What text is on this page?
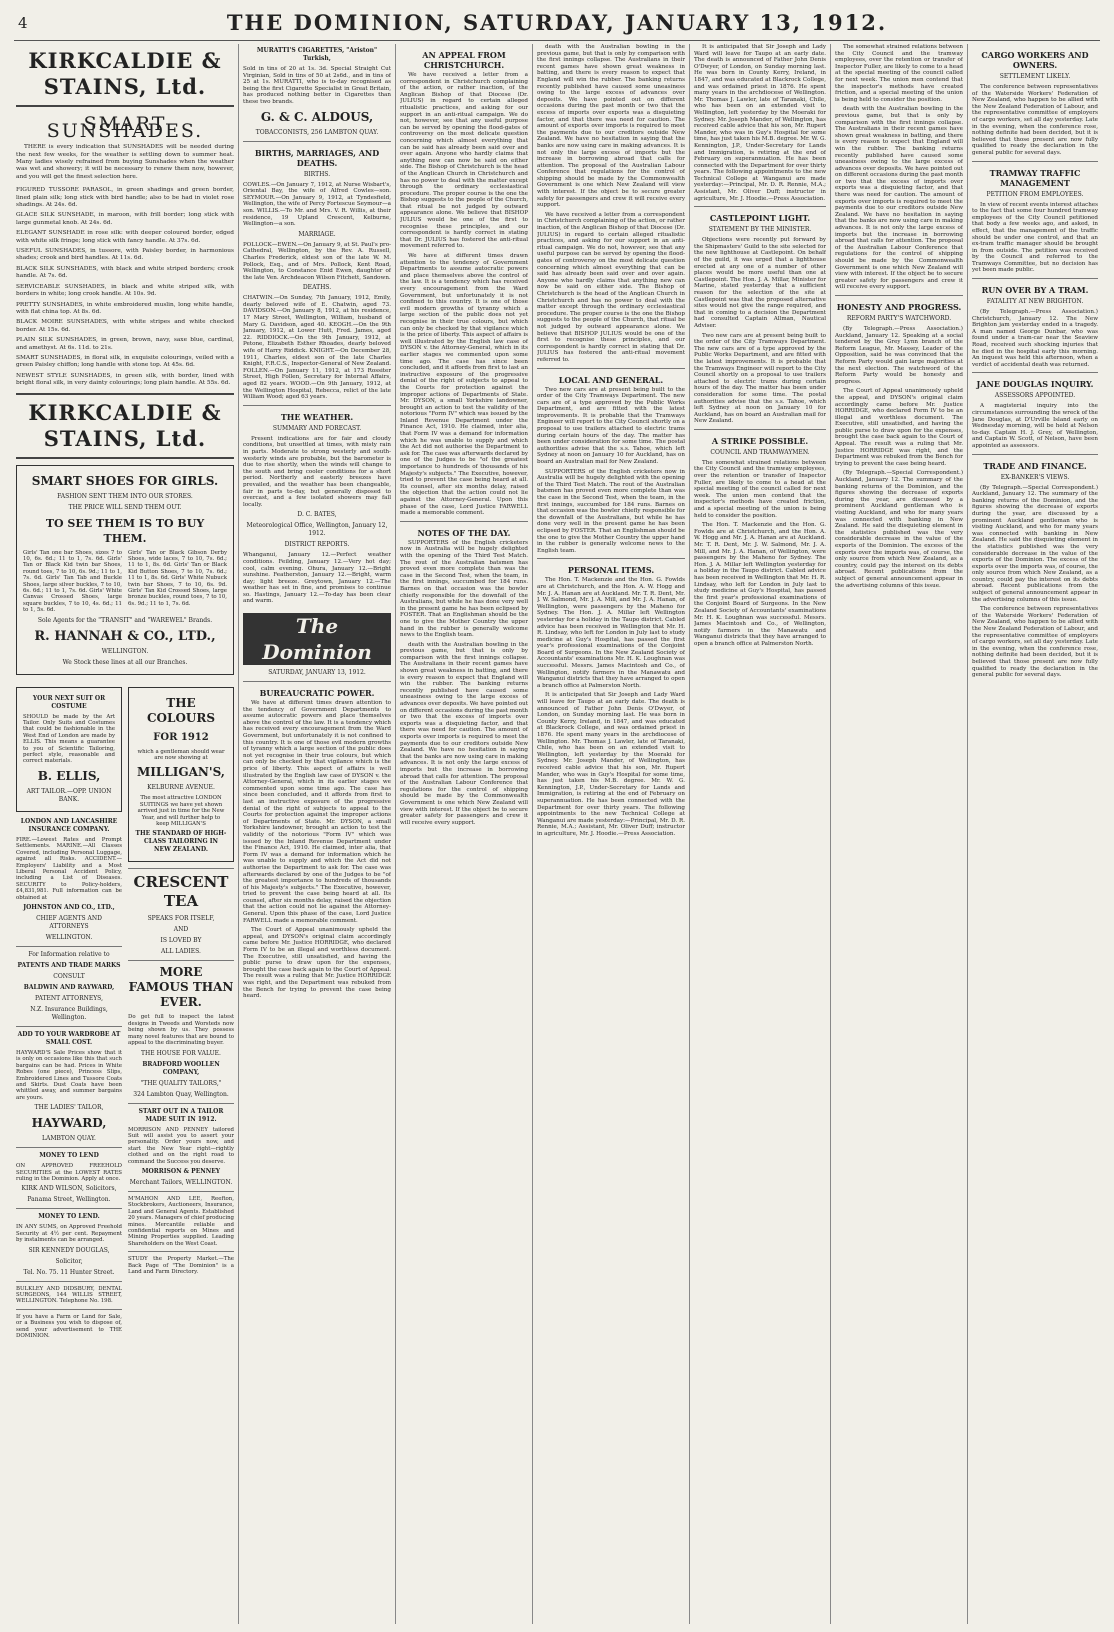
4	THE DOMINION, SATURDAY, JANUARY 13, 1912.
KIRKCALDIE & STAINS, Ltd.
SMART SUNSHADES.
THERE is every indication that SUNSHADES will be needed during the next few weeks, for the weather is settling down to summer heat. Many ladies wisely refrained from buying Sunshades when the weather was wet and showery; it will be necessary to renew them now, however, and you will get the finest selection here.
FIGURED TUSSORE PARASOL, in green shadings and green border, lined plain silk; long stick with bird handle; also to be had in violet rose shadings. At 24s. 6d.
GLACE SILK SUNSHADE, in maroon, with frill border; long stick with large gunmetal knob. At 24s. 6d.
ELEGANT SUNSHADE in rose silk: with deeper coloured border, edged with white silk fringe; long stick with fancy handle. At 37s. 6d.
USEFUL SUNSHADES, in tussore, with Paisley border, in harmonious shades; crook and bird handles. At 11s. 6d.
BLACK SILK SUNSHADES, with black and white striped borders; crook handle. At 7s. 6d.
SERVICEABLE SUNSHADES, in black and white striped silk, with borders in white; long crook handle. At 10s. 9d.
PRETTY SUNSHADES, in white embroidered muslin, long white handle, with flat china top. At 8s. 6d.
BLACK MOIRE SUNSHADES, with white stripes and white checked border. At 15s. 6d.
PLAIN SILK SUNSHADES, in green, brown, navy, saxe blue, cardinal, and amethyst. At 6s. 11d. to 21s.
SMART SUNSHADES, in floral silk, in exquisite colourings, veiled with a green Paisley chiffon; long handle with stone top. At 45s. 6d.
NEWEST STYLE SUNSHADES, in green silk, with border, lined with bright floral silk, in very dainty colourings; long plain handle. At 55s. 6d.
KIRKCALDIE & STAINS, Ltd.
SMART SHOES FOR GIRLS.
FASHION SENT THEM INTO OUR STORES.
THE PRICE WILL SEND THEM OUT.
TO SEE THEM IS TO BUY THEM.
Girls' Tan one bar Shoes, sizes 7 to 10, 6s. 6d.; 11 to 1, 7s. 6d. Girls' Tan or Black Kid twin bar Shoes, round toes, 7 to 10, 6s. 9d.; 11 to 1, 7s. 6d. Girls' Tan Tab and Buckle Shoes, large silver buckles, 7 to 10, 6s. 6d.; 11 to 1, 7s. 6d. Girls' White Canvas Crossed Shoes, large square buckles, 7 to 10, 4s. 6d.; 11 to 1, 5s. 6d.
Girls' Tan or Black Gibson Derby Shoes, wide laces, 7 to 10, 7s. 6d.; 11 to 1, 8s. 6d. Girls' Tan or Black Kid Button Shoes, 7 to 10, 7s. 6d.; 11 to 1, 8s. 6d. Girls' White Nubuck twin bar Shoes, 7 to 10, 6s. 9d. Girls' Tan Kid Crossed Shoes, large bronze buckles, round toes, 7 to 10, 6s. 9d.; 11 to 1, 7s. 6d.
Sole Agents for the "TRANSIT" and "WAREWEL" Brands.
R. HANNAH & CO., LTD.,
WELLINGTON.
We Stock these lines at all our Branches.
YOUR NEXT SUIT OR COSTUME
SHOULD be made by the Art Tailor. Only Suits and Costumes that could be fashionable in the West End of London are made by ELLIS. This means a guarantee to you of Scientific Tailoring, perfect style, reasonable and correct materials.
B. ELLIS,
ART TAILOR.—OPP. UNION BANK.
LONDON AND LANCASHIRE INSURANCE COMPANY.
FIRE.—Lowest Rates and Prompt Settlements. MARINE.—All Classes Covered, including Personal Luggage, against all Risks. ACCIDENT.—Employers' Liability and a Most Liberal Personal Accident Policy, including a List of Diseases. SECURITY to Policy-holders, £4,831,981. Full information can be obtained at
JOHNSTON AND CO., LTD.,
CHIEF AGENTS AND ATTORNEYS
WELLINGTON.
For Information relative to
PATENTS AND TRADE MARKS
CONSULT
BALDWIN AND RAYWARD,
PATENT ATTORNEYS,
N.Z. Insurance Buildings, Wellington.
ADD TO YOUR WARDROBE AT SMALL COST.
HAYWARD'S Sale Prices show that it is only on occasions like this that such bargains can be had. Prices in White Robes (one piece), Princess Slips, Embroidered Lines and Tussore Coats and Skirts. Dust Coats have been whittled away, and summer bargains are yours.
THE LADIES' TAILOR,
HAYWARD,
LAMBTON QUAY.
MONEY TO LEND
ON APPROVED FREEHOLD SECURITIES at the LOWEST RATES ruling in the Dominion. Apply at once.
KIRK AND WILSON, Solicitors,
Panama Street, Wellington.
MONEY TO LEND.
IN ANY SUMS, on Approved Freehold Security at 4½ per cent. Repayment by instalments can be arranged.
SIR KENNEDY DOUGLAS,
Solicitor,
Tel. No. 75. 11 Hunter Street.
BULKLEY AND DIDSBURY, DENTAL SURGEONS, 144 WILLIS STREET, WELLINGTON. Telephone No. 198.
If you have a Farm or Land for Sale, or a Business you wish to dispose of, send your advertisement to THE DOMINION.
THE COLOURS
FOR 1912
which a gentleman should wear are now showing at
MILLIGAN'S,
KELBURNE AVENUE.
The most attractive LONDON SUITINGS we have yet shown arrived just in time for the New Year, and will further help to keep MILLIGAN'S
THE STANDARD OF HIGH-CLASS TAILORING IN NEW ZEALAND.
CRESCENT TEA
SPEAKS FOR ITSELF,
AND
IS LOVED BY
ALL LADIES.
MORE FAMOUS THAN EVER.
Do get full to inspect the latest designs in Tweeds and Worsteds now being shown by us. They possess many novel features that are bound to appeal to the discriminating buyer.
THE HOUSE FOR VALUE.
BRADFORD WOOLLEN COMPANY,
"THE QUALITY TAILORS,"
324 Lambton Quay, Wellington.
START OUT IN A TAILOR MADE SUIT IN 1912.
MORRISON AND PENNEY tailored Suit will assist you to assert your personality. Order yours now, and start the New Year right—rightly clothed and on the right road to command the Success you deserve.
MORRISON & PENNEY
Merchant Tailors, WELLINGTON.
M'MAHON AND LEE, Reefton, Stockbrokers, Auctioneers, Insurance, Land and General Agents. Established 20 years. Managers of chief producing mines. Mercantile reliable and confidential reports on Mines and Mining Properties supplied. Leading Shareholders on the West Coast.
STUDY the Property Market.—The Back Page of "The Dominion" is a Land and Farm Directory.
MURATTI'S CIGARETTES, "Ariston" Turkish,
Sold in tins of 20 at 1s. 3d. Special Straight Cut Virginian, Sold in tins of 50 at 2s6d., and in tins of 25 at 1s. MURATTI, who is to-day recognised as being the first Cigarette Specialist in Great Britain, has produced nothing better in Cigarettes than these two brands.
G. & C. ALDOUS,
TOBACCONISTS, 256 LAMBTON QUAY.
BIRTHS, MARRIAGES, AND DEATHS.
BIRTHS.
COWLES.—On January 7, 1912, at Nurse Wisbart's, Oriental Bay, the wife of Alfred Cowles—son. SEYMOUR.—On January 9, 1912, at Tyndesfield, Wellington, the wife of Percy Fortescue Seymour—a son. WILLIS.—To Mr. and Mrs. V. R. Willis, at their residence, 19 Upland Crescent, Kelburne, Wellington—a son.
MARRIAGE.
POLLOCK—EWEN.—On January 9, at St. Paul's pro-Cathedral, Wellington, by the Rev. A. Russell, Charles Frederick, eldest son of the late W. M. Pollock, Esq., and of Mrs. Pollock, Kent Road, Wellington, to Constance Enid Ewen, daughter of the late Ven. Archdeacon Wilson Fitchett, Sandown.
DEATHS.
CHATWIN.—On Sunday, 7th January, 1912, Emily, dearly beloved wife of E. Chatwin, aged 73. DAVIDSON.—On January 8, 1912, at his residence, 17 Mary Street, Wellington, William, husband of Mary G. Davidson, aged 40. KEOGH.—On the 9th January, 1912, at Lower Hutt, Fred. James, aged 22. RIDDIOCK.—On the 9th January, 1912, at Petone, Elizabeth Esther Rhoades, dearly beloved wife of Harry Riddick. KNIGHT.—On December 28, 1911, Charles, eldest son of the late Charles Knight, F.R.C.S., Inspector-General of New Zealand. FOLLEN.—On January 11, 1912, at 173 Rossiter Street, High Follen, Secretary for Internal Affairs, aged 82 years. WOOD.—On 9th January, 1912, at the Wellington Hospital, Rebecca, relict of the late William Wood; aged 63 years.
THE WEATHER.
SUMMARY AND FORECAST.
Present indications are for fair and cloudy conditions, but unsettled at times, with misty rain in parts. Moderate to strong westerly and south-westerly winds are probable, but the barometer is due to rise shortly, when the winds will change to the south and bring cooler conditions for a short period. Northerly and easterly breezes have prevailed, and the weather has been changeable, fair in parts to-day, but generally disposed to overcast, and a few isolated showers may fall locally.
D. C. BATES,
Meteorological Office, Wellington, January 12, 1912.
DISTRICT REPORTS.
Whanganui, January 12.—Perfect weather conditions. Feilding, January 12.—Very hot day; cool, calm evening. Ohura, January 12.—Bright sunshine. Featherston, January 12.—Bright, warm day; light breeze. Greytown, January 12.—The weather has set in fine, and promises to continue so. Hastings, January 12.—To-day has been clear and warm.
The Dominion
SATURDAY, JANUARY 13, 1912.
BUREAUCRATIC POWER.
We have at different times drawn attention to the tendency of Government Departments to assume autocratic powers and place themselves above the control of the law. It is a tendency which has received every encouragement from the Ward Government, but unfortunately it is not confined to this country. It is one of those evil modern growths of tyranny which a large section of the public does not yet recognise in their true colours, but which can only be checked by that vigilance which is the price of liberty. This aspect of affairs is well illustrated by the English law case of DYSON v. the Attorney-General, which in its earlier stages we commented upon some time ago. The case has since been concluded, and it affords from first to last an instructive exposure of the progressive denial of the right of subjects to appeal to the Courts for protection against the improper actions of Departments of State. Mr. DYSON, a small Yorkshire landowner, brought an action to test the validity of the notorious "Form IV" which was issued by the Inland Revenue Department under the Finance Act, 1910. He claimed, inter alia, that Form IV was a demand for information which he was unable to supply and which the Act did not authorise the Department to ask for. The case was afterwards declared by one of the Judges to be "of the greatest importance to hundreds of thousands of his Majesty's subjects." The Executive, however, tried to prevent the case being heard at all. Its counsel, after six months delay, raised the objection that the action could not lie against the Attorney-General. Upon this phase of the case, Lord Justice FARWELL made a memorable comment.
The Court of Appeal unanimously upheld the appeal, and DYSON's original claim accordingly came before Mr. Justice HORRIDGE, who declared Form IV to be an illegal and worthless document. The Executive, still unsatisfied, and having the public purse to draw upon for the expenses, brought the case back again to the Court of Appeal. The result was a ruling that Mr. Justice HORRIDGE was right, and the Department was rebuked from the Bench for trying to prevent the case being heard.
AN APPEAL FROM CHRISTCHURCH.
We have received a letter from a correspondent in Christchurch complaining of the action, or rather inaction, of the Anglican Bishop of that Diocese (Dr. JULIUS) in regard to certain alleged ritualistic practices, and asking for our support in an anti-ritual campaign. We do not, however, see that any useful purpose can be served by opening the flood-gates of controversy on the most delicate question concerning which almost everything that can be said has already been said over and over again. Anyone who hardly claims that anything new can now be said on either side. The Bishop of Christchurch is the head of the Anglican Church in Christchurch and has no power to deal with the matter except through the ordinary ecclesiastical procedure. The proper course is the one the Bishop suggests to the people of the Church, that ritual be not judged by outward appearance alone. We believe that BISHOP JULIUS would be one of the first to recognise these principles, and our correspondent is hardly correct in stating that Dr. JULIUS has fostered the anti-ritual movement referred to.
We have at different times drawn attention to the tendency of Government Departments to assume autocratic powers and place themselves above the control of the law. It is a tendency which has received every encouragement from the Ward Government, but unfortunately it is not confined to this country. It is one of those evil modern growths of tyranny which a large section of the public does not yet recognise in their true colours, but which can only be checked by that vigilance which is the price of liberty. This aspect of affairs is well illustrated by the English law case of DYSON v. the Attorney-General, which in its earlier stages we commented upon some time ago. The case has since been concluded, and it affords from first to last an instructive exposure of the progressive denial of the right of subjects to appeal to the Courts for protection against the improper actions of Departments of State. Mr. DYSON, a small Yorkshire landowner, brought an action to test the validity of the notorious "Form IV" which was issued by the Inland Revenue Department under the Finance Act, 1910. He claimed, inter alia, that Form IV was a demand for information which he was unable to supply and which the Act did not authorise the Department to ask for. The case was afterwards declared by one of the Judges to be "of the greatest importance to hundreds of thousands of his Majesty's subjects." The Executive, however, tried to prevent the case being heard at all. Its counsel, after six months delay, raised the objection that the action could not lie against the Attorney-General. Upon this phase of the case, Lord Justice FARWELL made a memorable comment.
NOTES OF THE DAY.
SUPPORTERS of the English cricketers now in Australia will be hugely delighted with the opening of the Third Test Match. The rout of the Australian batsmen has proved even more complete than was the case in the Second Test, when the team, in the first innings, succumbed for 184 runs. Barnes on that occasion was the bowler chiefly responsible for the downfall of the Australians, but while he has done very well in the present game he has been eclipsed by FOSTER. That an Englishman should be the one to give the Mother Country the upper hand in the rubber is generally welcome news to the English team.
death with the Australian bowling in the previous game, but that is only by comparison with the first innings collapse. The Australians in their recent games have shown great weakness in batting, and there is every reason to expect that England will win the rubber. The banking returns recently published have caused some uneasiness owing to the large excess of advances over deposits. We have pointed out on different occasions during the past month or two that the excess of imports over exports was a disquieting factor, and that there was need for caution. The amount of exports over imports is required to meet the payments due to our creditors outside New Zealand. We have no hesitation in saying that the banks are now using care in making advances. It is not only the large excess of imports but the increase in borrowing abroad that calls for attention. The proposal of the Australian Labour Conference that regulations for the control of shipping should be made by the Commonwealth Government is one which New Zealand will view with interest. If the object be to secure greater safety for passengers and crew it will receive every support.
death with the Australian bowling in the previous game, but that is only by comparison with the first innings collapse. The Australians in their recent games have shown great weakness in batting, and there is every reason to expect that England will win the rubber. The banking returns recently published have caused some uneasiness owing to the large excess of advances over deposits. We have pointed out on different occasions during the past month or two that the excess of imports over exports was a disquieting factor, and that there was need for caution. The amount of exports over imports is required to meet the payments due to our creditors outside New Zealand. We have no hesitation in saying that the banks are now using care in making advances. It is not only the large excess of imports but the increase in borrowing abroad that calls for attention. The proposal of the Australian Labour Conference that regulations for the control of shipping should be made by the Commonwealth Government is one which New Zealand will view with interest. If the object be to secure greater safety for passengers and crew it will receive every support.
We have received a letter from a correspondent in Christchurch complaining of the action, or rather inaction, of the Anglican Bishop of that Diocese (Dr. JULIUS) in regard to certain alleged ritualistic practices, and asking for our support in an anti-ritual campaign. We do not, however, see that any useful purpose can be served by opening the flood-gates of controversy on the most delicate question concerning which almost everything that can be said has already been said over and over again. Anyone who hardly claims that anything new can now be said on either side. The Bishop of Christchurch is the head of the Anglican Church in Christchurch and has no power to deal with the matter except through the ordinary ecclesiastical procedure. The proper course is the one the Bishop suggests to the people of the Church, that ritual be not judged by outward appearance alone. We believe that BISHOP JULIUS would be one of the first to recognise these principles, and our correspondent is hardly correct in stating that Dr. JULIUS has fostered the anti-ritual movement referred to.
LOCAL AND GENERAL.
Two new cars are at present being built to the order of the City Tramways Department. The new cars are of a type approved by the Public Works Department, and are fitted with the latest improvements. It is probable that the Tramways Engineer will report to the City Council shortly on a proposal to use trailers attached to electric trams during certain hours of the day. The matter has been under consideration for some time. The postal authorities advise that the s.s. Tahoe, which left Sydney at noon on January 10 for Auckland, has on board an Australian mail for New Zealand.
SUPPORTERS of the English cricketers now in Australia will be hugely delighted with the opening of the Third Test Match. The rout of the Australian batsmen has proved even more complete than was the case in the Second Test, when the team, in the first innings, succumbed for 184 runs. Barnes on that occasion was the bowler chiefly responsible for the downfall of the Australians, but while he has done very well in the present game he has been eclipsed by FOSTER. That an Englishman should be the one to give the Mother Country the upper hand in the rubber is generally welcome news to the English team.
PERSONAL ITEMS.
The Hon. T. Mackenzie and the Hon. G. Fowlds are at Christchurch, and the Hon. A. W. Hogg and Mr. J. A. Hanan are at Auckland. Mr. T. R. Dent, Mr. J. W. Salmond, Mr. J. A. Mill, and Mr. J. A. Hanan, of Wellington, were passengers by the Maheno for Sydney. The Hon. J. A. Millar left Wellington yesterday for a holiday in the Taupo district. Cabled advice has been received in Wellington that Mr. H. R. Lindsay, who left for London in July last to study medicine at Guy's Hospital, has passed the first year's professional examinations of the Conjoint Board of Surgeons. In the New Zealand Society of Accountants' examinations Mr. H. K. Loughnan was successful. Messrs. James Macintosh and Co., of Wellington, notify farmers in the Manawatu and Wanganui districts that they have arranged to open a branch office at Palmerston North.
It is anticipated that Sir Joseph and Lady Ward will leave for Taupo at an early date. The death is announced of Father John Denis O'Dwyer, of London, on Sunday morning last. He was born in County Kerry, Ireland, in 1847, and was educated at Blackrock College, and was ordained priest in 1876. He spent many years in the archdiocese of Wellington. Mr. Thomas J. Lawler, late of Taranaki, Chile, who has been on an extended visit to Wellington, left yesterday by the Moeraki for Sydney. Mr. Joseph Mander, of Wellington, has received cable advice that his son, Mr. Rupert Mander, who was in Guy's Hospital for some time, has just taken his M.B. degree. Mr. W. G. Kennington, J.P., Under-Secretary for Lands and Immigration, is retiring at the end of February on superannuation. He has been connected with the Department for over thirty years. The following appointments to the new Technical College at Wanganui are made yesterday:—Principal, Mr. D. R. Rennie, M.A.; Assistant, Mr. Oliver Duff; instructor in agriculture, Mr. J. Hoodie.—Press Association.
It is anticipated that Sir Joseph and Lady Ward will leave for Taupo at an early date. The death is announced of Father John Denis O'Dwyer, of London, on Sunday morning last. He was born in County Kerry, Ireland, in 1847, and was educated at Blackrock College, and was ordained priest in 1876. He spent many years in the archdiocese of Wellington. Mr. Thomas J. Lawler, late of Taranaki, Chile, who has been on an extended visit to Wellington, left yesterday by the Moeraki for Sydney. Mr. Joseph Mander, of Wellington, has received cable advice that his son, Mr. Rupert Mander, who was in Guy's Hospital for some time, has just taken his M.B. degree. Mr. W. G. Kennington, J.P., Under-Secretary for Lands and Immigration, is retiring at the end of February on superannuation. He has been connected with the Department for over thirty years. The following appointments to the new Technical College at Wanganui are made yesterday:—Principal, Mr. D. R. Rennie, M.A.; Assistant, Mr. Oliver Duff; instructor in agriculture, Mr. J. Hoodie.—Press Association.
CASTLEPOINT LIGHT.
STATEMENT BY THE MINISTER.
Objections were recently put forward by the Shipmasters' Guild to the site selected for the new lighthouse at Castlepoint. On behalf of the guild, it was urged that a lighthouse erected at any one of a number of other places would be more useful than one at Castlepoint. The Hon. J. A. Millar, Minister for Marine, stated yesterday that a sufficient reason for the selection of the site at Castlepoint was that the proposed alternative sites would not give the range required, and that in coming to a decision the Department had consulted Captain Allman, Nautical Adviser.
Two new cars are at present being built to the order of the City Tramways Department. The new cars are of a type approved by the Public Works Department, and are fitted with the latest improvements. It is probable that the Tramways Engineer will report to the City Council shortly on a proposal to use trailers attached to electric trams during certain hours of the day. The matter has been under consideration for some time. The postal authorities advise that the s.s. Tahoe, which left Sydney at noon on January 10 for Auckland, has on board an Australian mail for New Zealand.
A STRIKE POSSIBLE.
COUNCIL AND TRAMWAYMEN.
The somewhat strained relations between the City Council and the tramway employees, over the retention or transfer of Inspector Fuller, are likely to come to a head at the special meeting of the council called for next week. The union men contend that the inspector's methods have created friction, and a special meeting of the union is being held to consider the position.
The Hon. T. Mackenzie and the Hon. G. Fowlds are at Christchurch, and the Hon. A. W. Hogg and Mr. J. A. Hanan are at Auckland. Mr. T. R. Dent, Mr. J. W. Salmond, Mr. J. A. Mill, and Mr. J. A. Hanan, of Wellington, were passengers by the Maheno for Sydney. The Hon. J. A. Millar left Wellington yesterday for a holiday in the Taupo district. Cabled advice has been received in Wellington that Mr. H. R. Lindsay, who left for London in July last to study medicine at Guy's Hospital, has passed the first year's professional examinations of the Conjoint Board of Surgeons. In the New Zealand Society of Accountants' examinations Mr. H. K. Loughnan was successful. Messrs. James Macintosh and Co., of Wellington, notify farmers in the Manawatu and Wanganui districts that they have arranged to open a branch office at Palmerston North.
The somewhat strained relations between the City Council and the tramway employees, over the retention or transfer of Inspector Fuller, are likely to come to a head at the special meeting of the council called for next week. The union men contend that the inspector's methods have created friction, and a special meeting of the union is being held to consider the position.
death with the Australian bowling in the previous game, but that is only by comparison with the first innings collapse. The Australians in their recent games have shown great weakness in batting, and there is every reason to expect that England will win the rubber. The banking returns recently published have caused some uneasiness owing to the large excess of advances over deposits. We have pointed out on different occasions during the past month or two that the excess of imports over exports was a disquieting factor, and that there was need for caution. The amount of exports over imports is required to meet the payments due to our creditors outside New Zealand. We have no hesitation in saying that the banks are now using care in making advances. It is not only the large excess of imports but the increase in borrowing abroad that calls for attention. The proposal of the Australian Labour Conference that regulations for the control of shipping should be made by the Commonwealth Government is one which New Zealand will view with interest. If the object be to secure greater safety for passengers and crew it will receive every support.
HONESTY AND PROGRESS.
REFORM PARTY'S WATCHWORD.
(By Telegraph.—Press Association.) Auckland, January 12. Speaking at a social tendered by the Grey Lynn branch of the Reform League, Mr. Massey, Leader of the Opposition, said he was convinced that the Reform Party would gain large majorities at the next election. The watchword of the Reform Party would be honesty and progress.
The Court of Appeal unanimously upheld the appeal, and DYSON's original claim accordingly came before Mr. Justice HORRIDGE, who declared Form IV to be an illegal and worthless document. The Executive, still unsatisfied, and having the public purse to draw upon for the expenses, brought the case back again to the Court of Appeal. The result was a ruling that Mr. Justice HORRIDGE was right, and the Department was rebuked from the Bench for trying to prevent the case being heard.
(By Telegraph.—Special Correspondent.) Auckland, January 12. The summary of the banking returns of the Dominion, and the figures showing the decrease of exports during the year, are discussed by a prominent Auckland gentleman who is visiting Auckland, and who for many years was connected with banking in New Zealand. He said the disquieting element in the statistics published was the very considerable decrease in the value of the exports of the Dominion. The excess of the exports over the imports was, of course, the only source from which New Zealand, as a country, could pay the interest on its debts abroad. Recent publications from the subject of general announcement appear in the advertising columns of this issue.
CARGO WORKERS AND OWNERS.
SETTLEMENT LIKELY.
The conference between representatives of the Waterside Workers' Federation of New Zealand, who happen to be allied with the New Zealand Federation of Labour, and the representative committee of employers of cargo workers, set all day yesterday. Late in the evening, when the conference rose, nothing definite had been decided, but it is believed that those present are now fully qualified to ready the declaration in the general public for several days.
TRAMWAY TRAFFIC MANAGEMENT
PETITION FROM EMPLOYEES.
In view of recent events interest attaches to the fact that some four hundred tramway employees of the City Council petitioned that body a few weeks ago, and asked, in effect, that the management of the traffic should be under one control, and that an ex-tram traffic manager should be brought in from outside. The petition was received by the Council and referred to the Tramways Committee, but no decision has yet been made public.
RUN OVER BY A TRAM.
FATALITY AT NEW BRIGHTON.
(By Telegraph.—Press Association.) Christchurch, January 12. The New Brighton jam yesterday ended in a tragedy. A man named George Dunbar, who was found under a tram-car near the Seaview Road, received such shocking injuries that he died in the hospital early this morning. An inquest was held this afternoon, when a verdict of accidental death was returned.
JANE DOUGLAS INQUIRY.
ASSESSORS APPOINTED.
A magisterial inquiry into the circumstances surrounding the wreck of the Jane Douglas, at D'Urville Island early on Wednesday morning, will be held at Nelson to-day. Captain H. J. Grey, of Wellington, and Captain W. Scott, of Nelson, have been appointed as assessors.
TRADE AND FINANCE.
EX-BANKER'S VIEWS.
(By Telegraph.—Special Correspondent.) Auckland, January 12. The summary of the banking returns of the Dominion, and the figures showing the decrease of exports during the year, are discussed by a prominent Auckland gentleman who is visiting Auckland, and who for many years was connected with banking in New Zealand. He said the disquieting element in the statistics published was the very considerable decrease in the value of the exports of the Dominion. The excess of the exports over the imports was, of course, the only source from which New Zealand, as a country, could pay the interest on its debts abroad. Recent publications from the subject of general announcement appear in the advertising columns of this issue.
The conference between representatives of the Waterside Workers' Federation of New Zealand, who happen to be allied with the New Zealand Federation of Labour, and the representative committee of employers of cargo workers, set all day yesterday. Late in the evening, when the conference rose, nothing definite had been decided, but it is believed that those present are now fully qualified to ready the declaration in the general public for several days.
